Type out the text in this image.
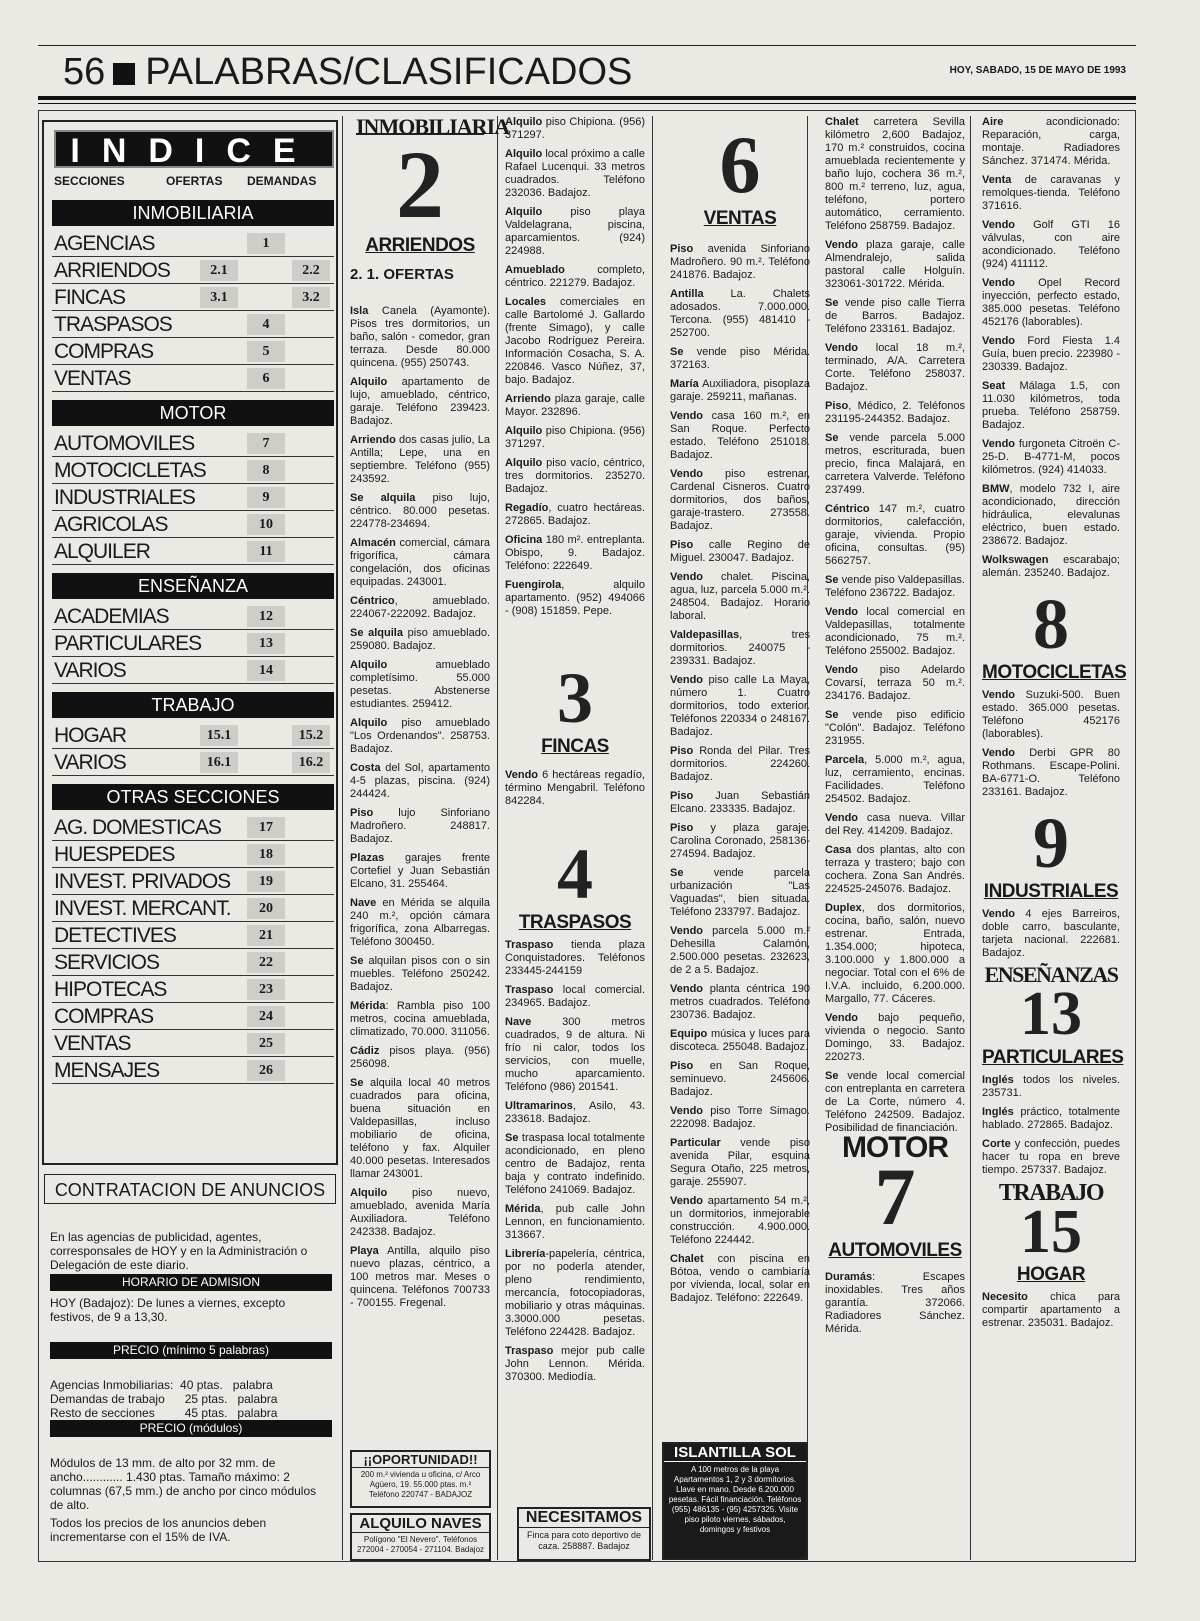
56 PALABRAS/CLASIFICADOS	HOY, SABADO, 15 DE MAYO DE 1993
INDICE
SECCIONES	OFERTAS DEMANDAS
INMOBILIARIA
AGENCIAS	1
ARRIENDOS	2.1	2.2
FINCAS	3.1	3.2
TRASPASOS	4
COMPRAS	5
VENTAS	6
MOTOR
AUTOMOVILES	7
MOTOCICLETAS	8
INDUSTRIALES	9
AGRICOLAS	10
ALQUILER	11
ENSEÑANZA
ACADEMIAS	12
PARTICULARES	13
VARIOS	14
TRABAJO
HOGAR	15.1	15.2
VARIOS	16.1	16.2
OTRAS SECCIONES
AG. DOMESTICAS	17
HUESPEDES	18
INVEST. PRIVADOS	19
INVEST. MERCANT.	20
DETECTIVES	21
SERVICIOS	22
HIPOTECAS	23
COMPRAS	24
VENTAS	25
MENSAJES	26
CONTRATACION DE ANUNCIOS
En las agencias de publicidad, agentes, corresponsales de HOY y en la Administración o Delegación de este diario.
HORARIO DE ADMISION
HOY (Badajoz): De lunes a viernes, excepto festivos, de 9 a 13,30.
PRECIO (mínimo 5 palabras)
Agencias Inmobiliarias:  40 ptas.   palabra
Demandas de trabajo      25 ptas.   palabra
Resto de secciones         45 ptas.   palabra
PRECIO (módulos)
Módulos de 13 mm. de alto por 32 mm. de ancho............ 1.430 ptas. Tamaño máximo: 2 columnas (67,5 mm.) de ancho por cinco módulos de alto.
Todos los precios de los anuncios deben incrementarse con el 15% de IVA.
INMOBILIARIA
2
ARRIENDOS
2. 1. OFERTAS

Isla Canela (Ayamonte). Pisos tres dormitorios, un baño, salón - comedor, gran terraza. Desde 80.000 quincena. (955) 250743.

Alquilo apartamento de lujo, amueblado, céntrico, garaje. Teléfono 239423. Badajoz.

Arriendo dos casas julio, La Antilla; Lepe, una en septiembre. Teléfono (955) 243592.

Se alquila piso lujo, céntrico. 80.000 pesetas. 224778-234694.

Almacén comercial, cámara frigorífica, cámara congelación, dos oficinas equipadas. 243001.

Céntrico, amueblado. 224067-222092. Badajoz.

Se alquila piso amueblado. 259080. Badajoz.

Alquilo amueblado completísimo. 55.000 pesetas. Abstenerse estudiantes. 259412.

Alquilo piso amueblado "Los Ordenandos". 258753. Badajoz.

Costa del Sol, apartamento 4-5 plazas, piscina. (924) 244424.

Piso lujo Sinforiano Madroñero. 248817. Badajoz.

Plazas garajes frente Cortefiel y Juan Sebastián Elcano, 31. 255464.

Nave en Mérida se alquila 240 m.², opción cámara frigorífica, zona Albarregas. Teléfono 300450.

Se alquilan pisos con o sin muebles. Teléfono 250242. Badajoz.

Mérida: Rambla piso 100 metros, cocina amueblada, climatizado, 70.000. 311056.

Cádiz pisos playa. (956) 256098.

Se alquila local 40 metros cuadrados para oficina, buena situación en Valdepasillas, incluso mobiliario de oficina, teléfono y fax. Alquiler 40.000 pesetas. Interesados llamar 243001.

Alquilo piso nuevo, amueblado, avenida María Auxiliadora. Teléfono 242338. Badajoz.

Playa Antilla, alquilo piso nuevo plazas, céntrico, a 100 metros mar. Meses o quincena. Teléfonos 700733 - 700155. Fregenal.

¡¡OPORTUNIDAD!!
200 m.² vivienda u oficina, c/ Arco Agüero, 19. 55.000 ptas. m.² Teléfono 220747 - BADAJOZ
ALQUILO NAVES
Polígono "El Nevero". Teléfonos 272004 - 270054 - 271104. Badajoz

Alquilo piso Chipiona. (956) 371297.

Alquilo local próximo a calle Rafael Lucenqui. 33 metros cuadrados. Teléfono 232036. Badajoz.

Alquilo piso playa Valdelagrana, piscina, aparcamientos. (924) 224988.

Amueblado completo, céntrico. 221279. Badajoz.

Locales comerciales en calle Bartolomé J. Gallardo (frente Simago), y calle Jacobo Rodríguez Pereira. Información Cosacha, S. A. 220846. Vasco Núñez, 37, bajo. Badajoz.

Arriendo plaza garaje, calle Mayor. 232896.

Alquilo piso Chipiona. (956) 371297.

Alquilo piso vacío, céntrico, tres dormitorios. 235270. Badajoz.

Regadío, cuatro hectáreas. 272865. Badajoz.

Oficina 180 m². entreplanta. Obispo, 9. Badajoz. Teléfono: 222649.

Fuengirola, alquilo apartamento. (952) 494066 - (908) 151859. Pepe.

3
FINCAS

Vendo 6 hectáreas regadío, término Mengabril. Teléfono 842284.

4
TRASPASOS

Traspaso tienda plaza Conquistadores. Teléfonos 233445-244159

Traspaso local comercial. 234965. Badajoz.

Nave 300 metros cuadrados, 9 de altura. Ni frío ni calor, todos los servicios, con muelle, mucho aparcamiento. Teléfono (986) 201541.

Ultramarinos, Asilo, 43. 233618. Badajoz.

Se traspasa local totalmente acondicionado, en pleno centro de Badajoz, renta baja y contrato indefinido. Teléfono 241069. Badajoz.

Mérida, pub calle John Lennon, en funcionamiento. 313667.

Librería-papelería, céntrica, por no poderla atender, pleno rendimiento, mercancía, fotocopiadoras, mobiliario y otras máquinas. 3.3000.000 pesetas. Teléfono 224428. Badajoz.

Traspaso mejor pub calle John Lennon. Mérida. 370300. Mediodía.

NECESITAMOS
Finca para coto deportivo de caza. 258887. Badajoz
6
VENTAS

Piso avenida Sinforiano Madroñero. 90 m.². Teléfono 241876. Badajoz.

Antilla La. Chalets adosados. 7.000.000. Tercona. (955) 481410 - 252700.

Se vende piso Mérida. 372163.

María Auxiliadora, pisoplaza garaje. 259211, mañanas.

Vendo casa 160 m.², en San Roque. Perfecto estado. Teléfono 251018. Badajoz.

Vendo piso estrenar, Cardenal Cisneros. Cuatro dormitorios, dos baños, garaje-trastero. 273558. Badajoz.

Piso calle Regino de Miguel. 230047. Badajoz.

Vendo chalet. Piscina, agua, luz, parcela 5.000 m.². 248504. Badajoz. Horario laboral.

Valdepasillas, tres dormitorios. 240075 - 239331. Badajoz.

Vendo piso calle La Maya, número 1. Cuatro dormitorios, todo exterior. Teléfonos 220334 o 248167. Badajoz.

Piso Ronda del Pilar. Tres dormitorios. 224260. Badajoz.

Piso Juan Sebastián Elcano. 233335. Badajoz.

Piso y plaza garaje. Carolina Coronado, 258136-274594. Badajoz.

Se vende parcela urbanización "Las Vaguadas", bien situada. Teléfono 233797. Badajoz.

Vendo parcela 5.000 m.² Dehesilla Calamón, 2.500.000 pesetas. 232623, de 2 a 5. Badajoz.

Vendo planta céntrica 190 metros cuadrados. Teléfono 230736. Badajoz.

Equipo música y luces para discoteca. 255048. Badajoz.

Piso en San Roque, seminuevo. 245606. Badajoz.

Vendo piso Torre Simago. 222098. Badajoz.

Particular vende piso avenida Pilar, esquina Segura Otaño, 225 metros, garaje. 255907.

Vendo apartamento 54 m.², un dormitorios, inmejorable construcción. 4.900.000. Teléfono 224442.

Chalet con piscina en Bótoa, vendo o cambiaría por vivienda, local, solar en Badajoz. Teléfono: 222649.

ISLANTILLA SOL
A 100 metros de la playa Apartamentos 1, 2 y 3 dormitorios. Llave en mano. Desde 6.200.000 pesetas. Fácil financiación. Teléfonos (955) 486135 - (95) 4257325. Visite piso piloto viernes, sábados, domingos y festivos

Chalet carretera Sevilla kilómetro 2,600 Badajoz, 170 m.² construidos, cocina amueblada recientemente y baño lujo, cochera 36 m.², 800 m.² terreno, luz, agua, teléfono, portero automático, cerramiento. Teléfono 258759. Badajoz.

Vendo plaza garaje, calle Almendralejo, salida pastoral calle Holguín. 323061-301722. Mérida.

Se vende piso calle Tierra de Barros. Badajoz. Teléfono 233161. Badajoz.

Vendo local 18 m.², terminado, A/A. Carretera Corte. Teléfono 258037. Badajoz.

Piso, Médico, 2. Teléfonos 231195-244352. Badajoz.

Se vende parcela 5.000 metros, escriturada, buen precio, finca Malajará, en carretera Valverde. Teléfono 237499.

Céntrico 147 m.², cuatro dormitorios, calefacción, garaje, vivienda. Propio oficina, consultas. (95) 5662757.

Se vende piso Valdepasillas. Teléfono 236722. Badajoz.

Vendo local comercial en Valdepasillas, totalmente acondicionado, 75 m.². Teléfono 255002. Badajoz.

Vendo piso Adelardo Covarsí, terraza 50 m.². 234176. Badajoz.

Se vende piso edificio "Colón". Badajoz. Teléfono 231955.

Parcela, 5.000 m.², agua, luz, cerramiento, encinas. Facilidades. Teléfono 254502. Badajoz.

Vendo casa nueva. Villar del Rey. 414209. Badajoz.

Casa dos plantas, alto con terraza y trastero; bajo con cochera. Zona San Andrés. 224525-245076. Badajoz.

Duplex, dos dormitorios, cocina, baño, salón, nuevo estrenar. Entrada, 1.354.000; hipoteca, 3.100.000 y 1.800.000 a negociar. Total con el 6% de I.V.A. incluido, 6.200.000. Margallo, 77. Cáceres.

Vendo bajo pequeño, vivienda o negocio. Santo Domingo, 33. Badajoz. 220273.

Se vende local comercial con entreplanta en carretera de La Corte, número 4. Teléfono 242509. Badajoz. Posibilidad de financiación.

MOTOR
7
AUTOMOVILES

Duramás: Escapes inoxidables. Tres años garantía. 372066. Radiadores Sánchez. Mérida.

Aire acondicionado: Reparación, carga, montaje. Radiadores Sánchez. 371474. Mérida.

Venta de caravanas y remolques-tienda. Teléfono 371616.

Vendo Golf GTI 16 válvulas, con aire acondicionado. Teléfono (924) 411112.

Vendo Opel Record inyección, perfecto estado, 385.000 pesetas. Teléfono 452176 (laborables).

Vendo Ford Fiesta 1.4 Guía, buen precio. 223980 - 230339. Badajoz.

Seat Málaga 1.5, con 11.030 kilómetros, toda prueba. Teléfono 258759. Badajoz.

Vendo furgoneta Citroën C-25-D. B-4771-M, pocos kilómetros. (924) 414033.

BMW, modelo 732 I, aire acondicionado, dirección hidráulica, elevalunas eléctrico, buen estado. 238672. Badajoz.

Wolkswagen escarabajo; alemán. 235240. Badajoz.

8
MOTOCICLETAS

Vendo Suzuki-500. Buen estado. 365.000 pesetas. Teléfono 452176 (laborables).

Vendo Derbi GPR 80 Rothmans. Escape-Polini. BA-6771-O. Teléfono 233161. Badajoz.

9
INDUSTRIALES

Vendo 4 ejes Barreiros, doble carro, basculante, tarjeta nacional. 222681. Badajoz.

ENSEÑANZAS
13
PARTICULARES

Inglés todos los niveles. 235731.

Inglés práctico, totalmente hablado. 272865. Badajoz.

Corte y confección, puedes hacer tu ropa en breve tiempo. 257337. Badajoz.

TRABAJO
15
HOGAR

Necesito chica para compartir apartamento a estrenar. 235031. Badajoz.
